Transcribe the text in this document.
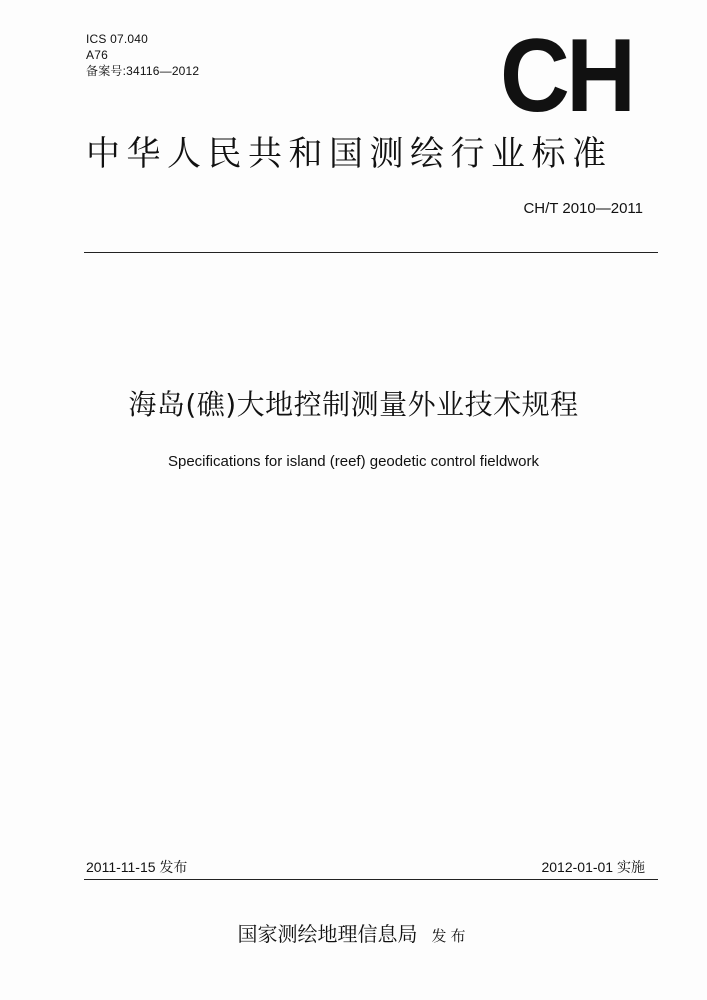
ICS 07.040
A76
备案号:34116—2012	CH
中华人民共和国测绘行业标准
CH/T 2010—2011
海岛(礁)大地控制测量外业技术规程
Specifications for island (reef) geodetic control fieldwork
2011-11-15 发布	2012-01-01 实施
国家测绘地理信息局 发布
